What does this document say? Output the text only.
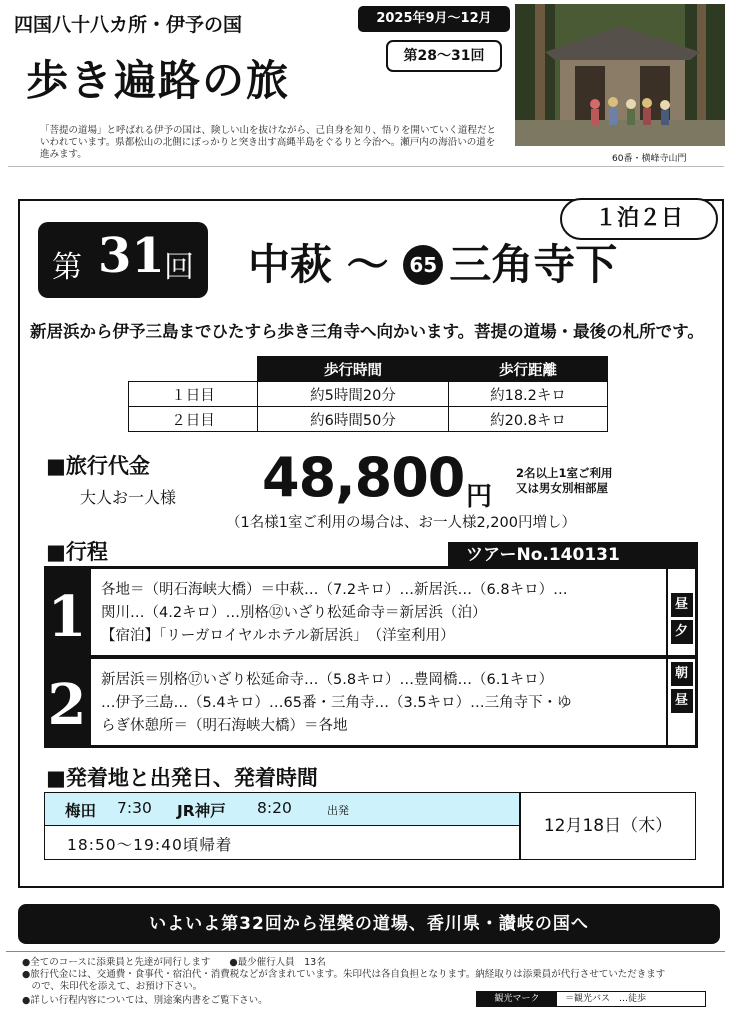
四国八十八カ所・伊予の国	2025年9月～12月
第28～31回
歩き遍路の旅
「菩提の道場」と呼ばれる伊予の国は、険しい山を抜けながら、己自身を知り、悟りを開いていく道程だといわれています。県都松山の北側にぽっかりと突き出す高縄半島をぐるりと今治へ。瀬戸内の海沿いの道を進みます。	60番・横峰寺山門
１泊２日
第 31 回 中萩 ～ 65 三角寺下
新居浜から伊予三島までひたすら歩き三角寺へ向かいます。菩提の道場・最後の札所です。
	歩行時間	歩行距離
１日目	約5時間20分	約18.2キロ
２日目	約6時間50分	約20.8キロ
■旅行代金
大人お一人様 48,800 円
2名以上1室ご利用
又は男女別相部屋
（1名様1室ご利用の場合は、お一人様2,200円増し）
■行程	ツアーNo.140131
1 各地＝（明石海峡大橋）＝中萩…（7.2キロ）…新居浜…（6.8キロ）…
関川…（4.2キロ）…別格⑫いざり松延命寺＝新居浜（泊）
【宿泊】「リーガロイヤルホテル新居浜」　（洋室利用）
昼
夕
2 新居浜＝別格⑰いざり松延命寺…（5.8キロ）…豊岡橋…（6.1キロ）
…伊予三島…（5.4キロ）…65番・三角寺…（3.5キロ）…三角寺下・ゆ
らぎ休憩所＝（明石海峡大橋）＝各地
朝
昼
■発着地と出発日、発着時間
梅田 7:30 JR神戸 8:20	出発
18:50～19:40頃帰着
12月18日（木）
いよいよ第32回から涅槃の道場、香川県・讃岐の国へ
●全てのコースに添乗員と先達が同行します　　●最少催行人員　13名
●旅行代金には、交通費・食事代・宿泊代・消費税などが含まれています。朱印代は各自負担となります。納経取りは添乗員が代行させていただきます
　ので、朱印代を添えて、お預け下さい。
●詳しい行程内容については、別途案内書をご覧下さい。	観光マーク	＝観光バス　…徒歩
